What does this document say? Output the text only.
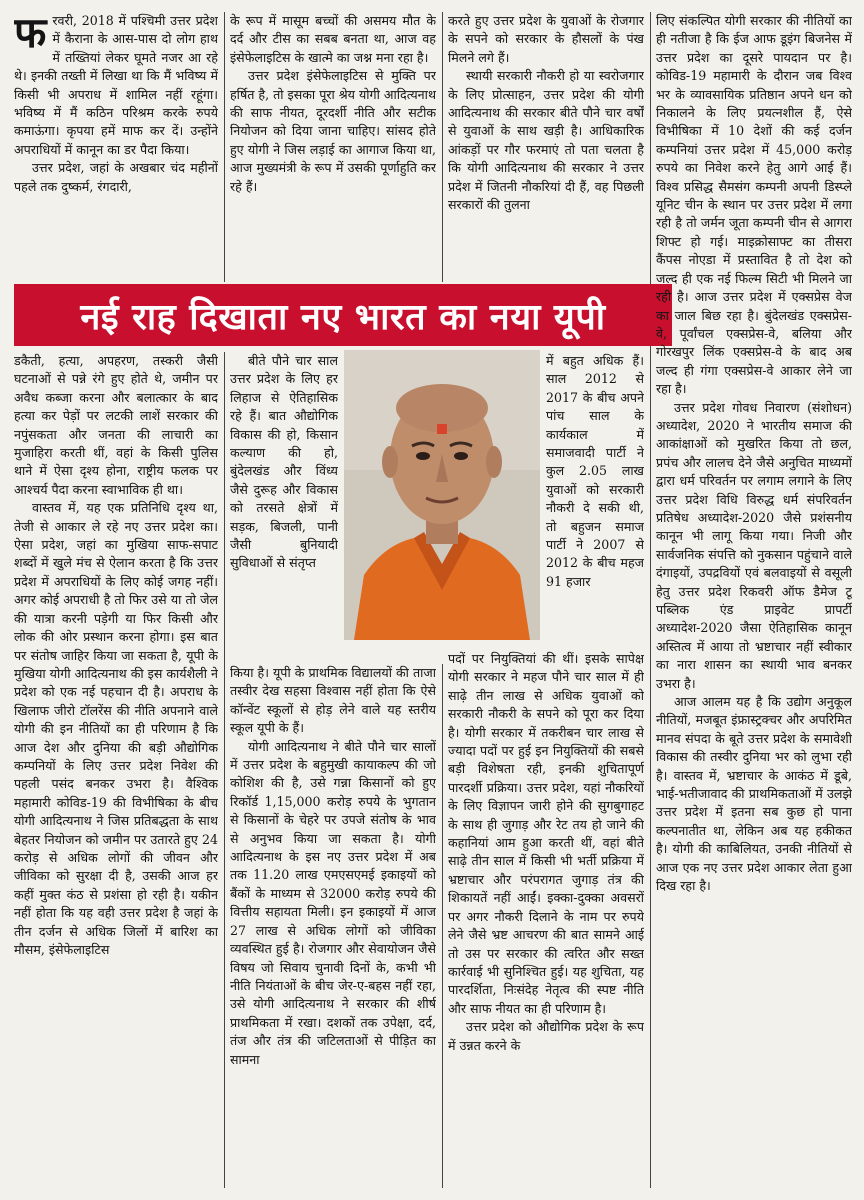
फरवरी, 2018 में पश्चिमी उत्तर प्रदेश में कैराना के आस-पास दो लोग हाथ में तख्तियां लेकर घूमते नजर आ रहे थे। इनकी तख्ती में लिखा था कि मैं भविष्य में किसी भी अपराध में शामिल नहीं रहूंगा। भविष्य में मैं कठिन परिश्रम करके रुपये कमाऊंगा। कृपया हमें माफ कर दें। उन्होंने अपराधियों में कानून का डर पैदा किया।

उत्तर प्रदेश, जहां के अखबार चंद महीनों पहले तक दुष्कर्म, रंगदारी,

के रूप में मासूम बच्चों की असमय मौत के दर्द और टीस का सबब बनता था, आज वह इंसेफेलाइटिस के खात्मे का जश्न मना रहा है।

उत्तर प्रदेश इंसेफेलाइटिस से मुक्ति पर हर्षित है, तो इसका पूरा श्रेय योगी आदित्यनाथ की साफ नीयत, दूरदर्शी नीति और सटीक नियोजन को दिया जाना चाहिए। सांसद होते हुए योगी ने जिस लड़ाई का आगाज किया था, आज मुख्यमंत्री के रूप में उसकी पूर्णाहुति कर रहे हैं।

करते हुए उत्तर प्रदेश के युवाओं के रोजगार के सपने को सरकार के हौसलों के पंख मिलने लगे हैं।

स्थायी सरकारी नौकरी हो या स्वरोजगार के लिए प्रोत्साहन, उत्तर प्रदेश की योगी आदित्यनाथ की सरकार बीते पौने चार वर्षों से युवाओं के साथ खड़ी है। आधिकारिक आंकड़ों पर गौर फरमाएं तो पता चलता है कि योगी आदित्यनाथ की सरकार ने उत्तर प्रदेश में जितनी नौकरियां दी हैं, वह पिछली सरकारों की तुलना

नई राह दिखाता नए भारत का नया यूपी

डकैती, हत्या, अपहरण, तस्करी जैसी घटनाओं से पन्ने रंगे हुए होते थे, जमीन पर अवैध कब्जा करना और बलात्कार के बाद हत्या कर पेड़ों पर लटकी लाशें सरकार की नपुंसकता और जनता की लाचारी का मुजाहिरा करती थीं, वहां के किसी पुलिस थाने में ऐसा दृश्य होना, राष्ट्रीय फलक पर आश्चर्य पैदा करना स्वाभाविक ही था।

वास्तव में, यह एक प्रतिनिधि दृश्य था, तेजी से आकार ले रहे नए उत्तर प्रदेश का। ऐसा प्रदेश, जहां का मुखिया साफ-सपाट शब्दों में खुले मंच से ऐलान करता है कि उत्तर प्रदेश में अपराधियों के लिए कोई जगह नहीं। अगर कोई अपराधी है तो फिर उसे या तो जेल की यात्रा करनी पड़ेगी या फिर किसी और लोक की ओर प्रस्थान करना होगा। इस बात पर संतोष जाहिर किया जा सकता है, यूपी के मुखिया योगी आदित्यनाथ की इस कार्यशैली ने प्रदेश को एक नई पहचान दी है। अपराध के खिलाफ जीरो टॉलरेंस की नीति अपनाने वाले योगी की इन नीतियों का ही परिणाम है कि आज देश और दुनिया की बड़ी औद्योगिक कम्पनियों के लिए उत्तर प्रदेश निवेश की पहली पसंद बनकर उभरा है। वैश्विक महामारी कोविड-19 की विभीषिका के बीच योगी आदित्यनाथ ने जिस प्रतिबद्धता के साथ बेहतर नियोजन को जमीन पर उतारते हुए 24 करोड़ से अधिक लोगों की जीवन और जीविका को सुरक्षा दी है, उसकी आज हर कहीं मुक्त कंठ से प्रशंसा हो रही है। यकीन नहीं होता कि यह वही उत्तर प्रदेश है जहां के तीन दर्जन से अधिक जिलों में बारिश का मौसम, इंसेफेलाइटिस

बीते पौने चार साल उत्तर प्रदेश के लिए हर लिहाज से ऐतिहासिक रहे हैं। बात औद्योगिक विकास की हो, किसान कल्याण की हो, बुंदेलखंड और विंध्य जैसे दुरूह और विकास को तरसते क्षेत्रों में सड़क, बिजली, पानी जैसी बुनियादी सुविधाओं से संतृप्त

में बहुत अधिक हैं। साल 2012 से 2017 के बीच अपने पांच साल के कार्यकाल में समाजवादी पार्टी ने कुल 2.05 लाख युवाओं को सरकारी नौकरी दे सकी थी, तो बहुजन समाज पार्टी ने 2007 से 2012 के बीच महज 91 हजार

किया है। यूपी के प्राथमिक विद्यालयों की ताजा तस्वीर देख सहसा विश्वास नहीं होता कि ऐसे कॉन्वेंट स्कूलों से होड़ लेने वाले यह स्तरीय स्कूल यूपी के हैं।

योगी आदित्यनाथ ने बीते पौने चार सालों में उत्तर प्रदेश के बहुमुखी कायाकल्प की जो कोशिश की है, उसे गन्ना किसानों को हुए रिकॉर्ड 1,15,000 करोड़ रुपये के भुगतान से किसानों के चेहरे पर उपजे संतोष के भाव से अनुभव किया जा सकता है। योगी आदित्यनाथ के इस नए उत्तर प्रदेश में अब तक 11.20 लाख एमएसएमई इकाइयों को बैंकों के माध्यम से 32000 करोड़ रुपये की वित्तीय सहायता मिली। इन इकाइयों में आज 27 लाख से अधिक लोगों को जीविका व्यवस्थित हुई है। रोजगार और सेवायोजन जैसे विषय जो सिवाय चुनावी दिनों के, कभी भी नीति नियंताओं के बीच जेर-ए-बहस नहीं रहा, उसे योगी आदित्यनाथ ने सरकार की शीर्ष प्राथमिकता में रखा। दशकों तक उपेक्षा, दर्द, तंज और तंत्र की जटिलताओं से पीड़ित का सामना

पदों पर नियुक्तियां की थीं। इसके सापेक्ष योगी सरकार ने महज पौने चार साल में ही साढ़े तीन लाख से अधिक युवाओं को सरकारी नौकरी के सपने को पूरा कर दिया है। योगी सरकार में तकरीबन चार लाख से ज्यादा पदों पर हुई इन नियुक्तियों की सबसे बड़ी विशेषता रही, इनकी शुचितापूर्ण पारदर्शी प्रक्रिया। उत्तर प्रदेश, यहां नौकरियों के लिए विज्ञापन जारी होने की सुगबुगाहट के साथ ही जुगाड़ और रेट तय हो जाने की कहानियां आम हुआ करती थीं, वहां बीते साढ़े तीन साल में किसी भी भर्ती प्रक्रिया में भ्रष्टाचार और परंपरागत जुगाड़ तंत्र की शिकायतें नहीं आईं। इक्का-दुक्का अवसरों पर अगर नौकरी दिलाने के नाम पर रुपये लेने जैसे भ्रष्ट आचरण की बात सामने आई तो उस पर सरकार की त्वरित और सख्त कार्रवाई भी सुनिश्चित हुई। यह शुचिता, यह पारदर्शिता, निःसंदेह नेतृत्व की स्पष्ट नीति और साफ नीयत का ही परिणाम है।

उत्तर प्रदेश को औद्योगिक प्रदेश के रूप में उन्नत करने के

लिए संकल्पित योगी सरकार की नीतियों का ही नतीजा है कि ईज आफ डूइंग बिजनेस में उत्तर प्रदेश का दूसरे पायदान पर है। कोविड-19 महामारी के दौरान जब विश्व भर के व्यावसायिक प्रतिष्ठान अपने धन को निकालने के लिए प्रयत्नशील हैं, ऐसे विभीषिका में 10 देशों की कई दर्जन कम्पनियां उत्तर प्रदेश में 45,000 करोड़ रुपये का निवेश करने हेतु आगे आई हैं। विश्व प्रसिद्ध सैमसंग कम्पनी अपनी डिस्प्ले यूनिट चीन के स्थान पर उत्तर प्रदेश में लगा रही है तो जर्मन जूता कम्पनी चीन से आगरा शिफ्ट हो गई। माइक्रोसाफ्ट का तीसरा कैंपस नोएडा में प्रस्तावित है तो देश को जल्द ही एक नई फिल्म सिटी भी मिलने जा रही है। आज उत्तर प्रदेश में एक्सप्रेस वेज का जाल बिछ रहा है। बुंदेलखंड एक्सप्रेस-वे, पूर्वांचल एक्सप्रेस-वे, बलिया और गोरखपुर लिंक एक्सप्रेस-वे के बाद अब जल्द ही गंगा एक्सप्रेस-वे आकार लेने जा रहा है।

उत्तर प्रदेश गोवध निवारण (संशोधन) अध्यादेश, 2020 ने भारतीय समाज की आकांक्षाओं को मुखरित किया तो छल, प्रपंच और लालच देने जैसे अनुचित माध्यमों द्वारा धर्म परिवर्तन पर लगाम लगाने के लिए उत्तर प्रदेश विधि विरुद्ध धर्म संपरिवर्तन प्रतिषेध अध्यादेश-2020 जैसे प्रशंसनीय कानून भी लागू किया गया। निजी और सार्वजनिक संपत्ति को नुकसान पहुंचाने वाले दंगाइयों, उपद्रवियों एवं बलवाइयों से वसूली हेतु उत्तर प्रदेश रिकवरी ऑफ डैमेज टू पब्लिक एंड प्राइवेट प्रापर्टी अध्यादेश-2020 जैसा ऐतिहासिक कानून अस्तित्व में आया तो भ्रष्टाचार नहीं स्वीकार का नारा शासन का स्थायी भाव बनकर उभरा है।

आज आलम यह है कि उद्योग अनुकूल नीतियों, मजबूत इंफ्रास्ट्रक्चर और अपरिमित मानव संपदा के बूते उत्तर प्रदेश के समावेशी विकास की तस्वीर दुनिया भर को लुभा रही है। वास्तव में, भ्रष्टाचार के आकंठ में डूबे, भाई-भतीजावाद की प्राथमिकताओं में उलझे उत्तर प्रदेश में इतना सब कुछ हो पाना कल्पनातीत था, लेकिन अब यह हकीकत है। योगी की काबिलियत, उनकी नीतियों से आज एक नए उत्तर प्रदेश आकार लेता हुआ दिख रहा है।
